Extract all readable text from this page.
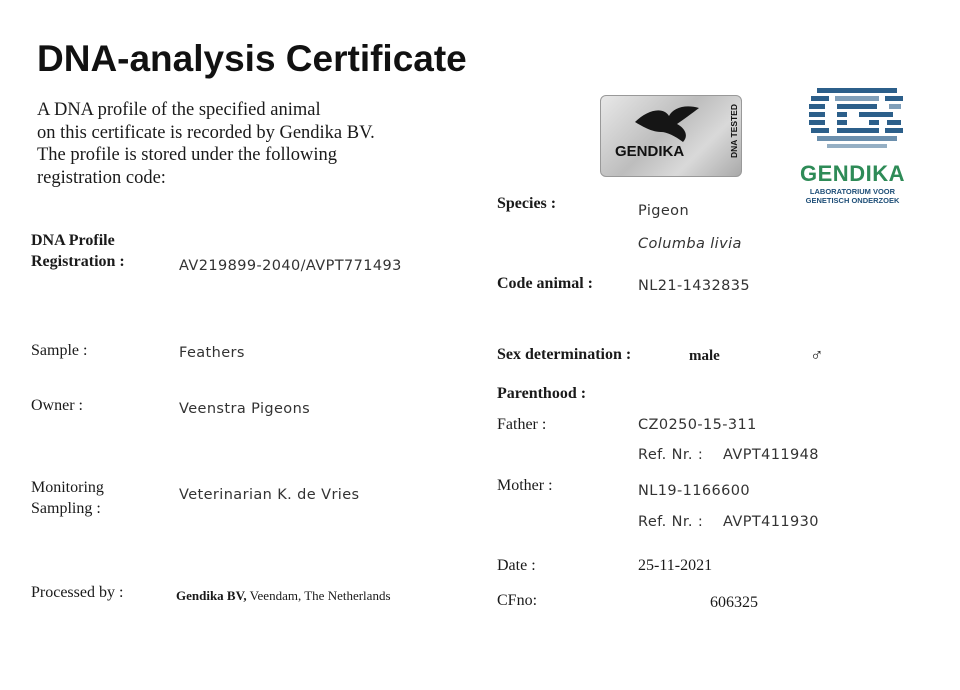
DNA-analysis Certificate
A DNA profile of the specified animal
on this certificate is recorded by Gendika BV.
The profile is stored under the following
registration code:
GENDIKA	DNA TESTED
GENDIKA
LABORATORIUM VOOR
GENETISCH ONDERZOEK
DNA Profile
Registration :	AV219899-2040/AVPT771493
Sample :	Feathers
Owner :	Veenstra Pigeons
Monitoring
Sampling :
Veterinarian K. de Vries
Processed by :	Gendika BV, Veendam, The Netherlands
Species :	Pigeon
Columba livia
Code animal :	NL21-1432835
Sex determination :	male	♂
Parenthood :
Father :	CZ0250-15-311
Ref. Nr. : AVPT411948
Mother :	NL19-1166600
Ref. Nr. : AVPT411930
Date :	25-11-2021
CFno:	606325
